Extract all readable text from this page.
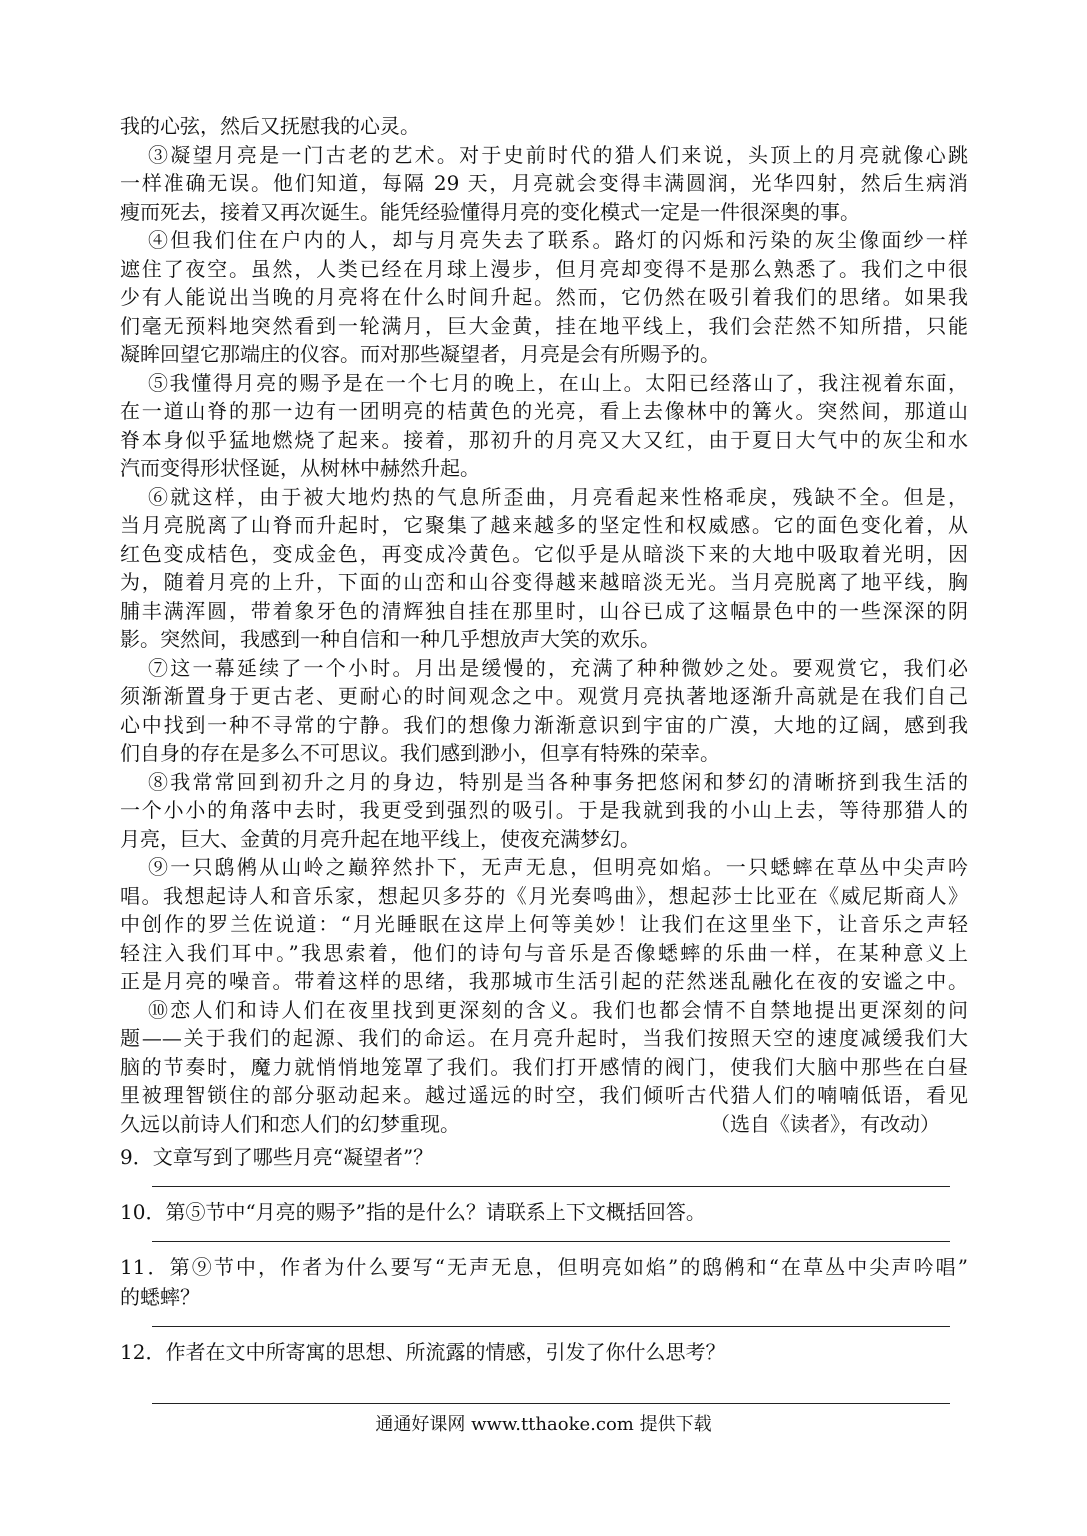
我的心弦，然后又抚慰我的心灵。
③凝望月亮是一门古老的艺术。对于史前时代的猎人们来说，头顶上的月亮就像心跳
一样准确无误。他们知道，每隔 29 天，月亮就会变得丰满圆润，光华四射，然后生病消
瘦而死去，接着又再次诞生。能凭经验懂得月亮的变化模式一定是一件很深奥的事。
④但我们住在户内的人，却与月亮失去了联系。路灯的闪烁和污染的灰尘像面纱一样
遮住了夜空。虽然，人类已经在月球上漫步，但月亮却变得不是那么熟悉了。我们之中很
少有人能说出当晚的月亮将在什么时间升起。然而，它仍然在吸引着我们的思绪。如果我
们毫无预料地突然看到一轮满月，巨大金黄，挂在地平线上，我们会茫然不知所措，只能
凝眸回望它那端庄的仪容。而对那些凝望者，月亮是会有所赐予的。
⑤我懂得月亮的赐予是在一个七月的晚上，在山上。太阳已经落山了，我注视着东面，
在一道山脊的那一边有一团明亮的桔黄色的光亮，看上去像林中的篝火。突然间，那道山
脊本身似乎猛地燃烧了起来。接着，那初升的月亮又大又红，由于夏日大气中的灰尘和水
汽而变得形状怪诞，从树林中赫然升起。
⑥就这样，由于被大地灼热的气息所歪曲，月亮看起来性格乖戾，残缺不全。但是，
当月亮脱离了山脊而升起时，它聚集了越来越多的坚定性和权威感。它的面色变化着，从
红色变成桔色，变成金色，再变成冷黄色。它似乎是从暗淡下来的大地中吸取着光明，因
为，随着月亮的上升，下面的山峦和山谷变得越来越暗淡无光。当月亮脱离了地平线，胸
脯丰满浑圆，带着象牙色的清辉独自挂在那里时，山谷已成了这幅景色中的一些深深的阴
影。突然间，我感到一种自信和一种几乎想放声大笑的欢乐。
⑦这一幕延续了一个小时。月出是缓慢的，充满了种种微妙之处。要观赏它，我们必
须渐渐置身于更古老、更耐心的时间观念之中。观赏月亮执著地逐渐升高就是在我们自己
心中找到一种不寻常的宁静。我们的想像力渐渐意识到宇宙的广漠，大地的辽阔，感到我
们自身的存在是多么不可思议。我们感到渺小，但享有特殊的荣幸。
⑧我常常回到初升之月的身边，特别是当各种事务把悠闲和梦幻的清晰挤到我生活的
一个小小的角落中去时，我更受到强烈的吸引。于是我就到我的小山上去，等待那猎人的
月亮，巨大、金黄的月亮升起在地平线上，使夜充满梦幻。
⑨一只鸱鸺从山岭之巅猝然扑下，无声无息，但明亮如焰。一只蟋蟀在草丛中尖声吟
唱。我想起诗人和音乐家，想起贝多芬的《月光奏鸣曲》，想起莎士比亚在《威尼斯商人》
中创作的罗兰佐说道：“月光睡眠在这岸上何等美妙！让我们在这里坐下，让音乐之声轻
轻注入我们耳中。”我思索着，他们的诗句与音乐是否像蟋蟀的乐曲一样，在某种意义上
正是月亮的噪音。带着这样的思绪，我那城市生活引起的茫然迷乱融化在夜的安谧之中。
⑩恋人们和诗人们在夜里找到更深刻的含义。我们也都会情不自禁地提出更深刻的问
题——关于我们的起源、我们的命运。在月亮升起时，当我们按照天空的速度减缓我们大
脑的节奏时，魔力就悄悄地笼罩了我们。我们打开感情的阀门，使我们大脑中那些在白昼
里被理智锁住的部分驱动起来。越过遥远的时空，我们倾听古代猎人们的喃喃低语，看见
久远以前诗人们和恋人们的幻梦重现。	（选自《读者》，有改动）
9．文章写到了哪些月亮“凝望者”？
10．第⑤节中“月亮的赐予”指的是什么？请联系上下文概括回答。
11．第⑨节中，作者为什么要写“无声无息，但明亮如焰”的鸱鸺和“在草丛中尖声吟唱”
的蟋蟀？
12．作者在文中所寄寓的思想、所流露的情感，引发了你什么思考？
通通好课网 www.tthaoke.com 提供下载
